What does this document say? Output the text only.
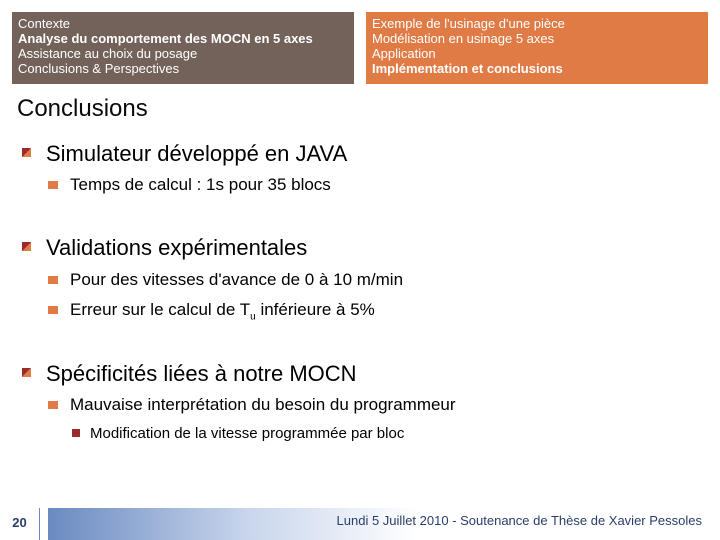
Contexte
Analyse du comportement des MOCN en 5 axes
Assistance au choix du posage
Conclusions & Perspectives
Exemple de l'usinage d'une pièce
Modélisation en usinage 5 axes
Application
Implémentation et conclusions
Conclusions
Simulateur développé en JAVA
Temps de calcul : 1s pour 35 blocs
Validations expérimentales
Pour des vitesses d'avance de 0 à 10 m/min
Erreur sur le calcul de $T_u$ inférieure à 5%
Spécificités liées à notre MOCN
Mauvaise interprétation du besoin du programmeur
Modification de la vitesse programmée par bloc
20	Lundi 5 Juillet 2010 - Soutenance de Thèse de Xavier Pessoles
